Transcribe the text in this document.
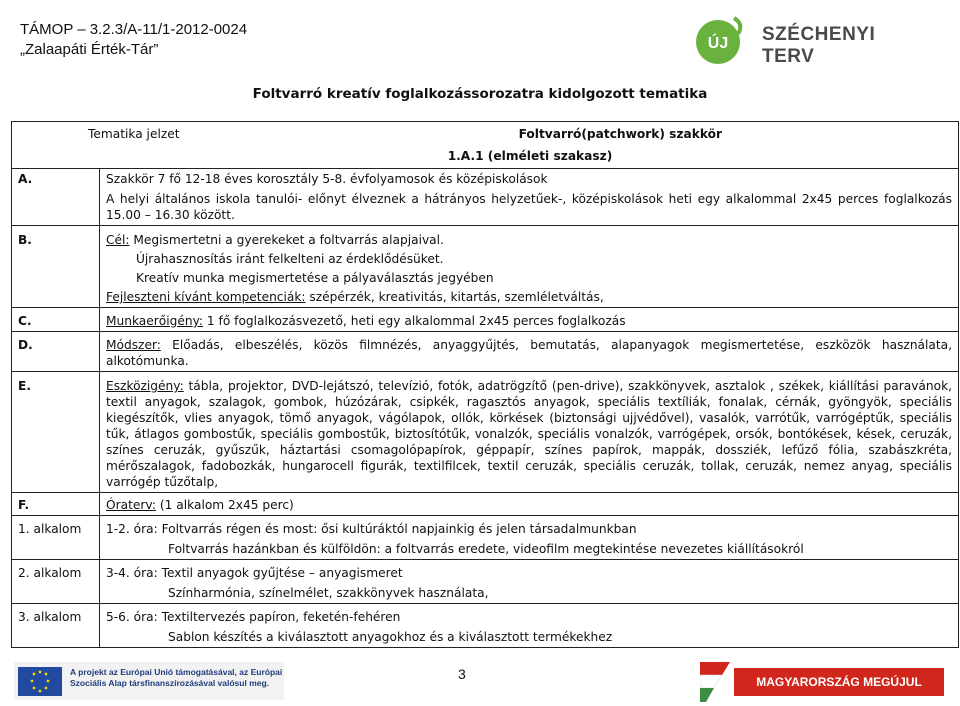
TÁMOP – 3.2.3/A-11/1-2012-0024
„Zalaapáti Érték-Tár”	ÚJ SZÉCHENYI TERV
Foltvarró kreatív foglalkozássorozatra kidolgozott tematika
Tematika jelzet Foltvarró(patchwork) szakkör
1.A.1 (elméleti szakasz)	

A.	Szakkör 7 fő 12-18 éves korosztály 5-8. évfolyamosok és középiskolások
A helyi általános iskola tanulói- előnyt élveznek a hátrányos helyzetűek-, középiskolások heti egy alkalommal 2x45 perces foglalkozás 15.00 – 16.30 között.

B.	Cél: Megismertetni a gyerekeket a foltvarrás alapjaival.
Újrahasznosítás iránt felkelteni az érdeklődésüket.
Kreatív munka megismertetése a pályaválasztás jegyében
Fejleszteni kívánt kompetenciák: szépérzék, kreativitás, kitartás, szemléletváltás,

C.	Munkaerőigény: 1 fő foglalkozásvezető, heti egy alkalommal 2x45 perces foglalkozás
D.	Módszer: Előadás, elbeszélés, közös filmnézés, anyaggyűjtés, bemutatás, alapanyagok megismertetése, eszközök használata, alkotómunka.
E.	Eszközigény: tábla, projektor, DVD-lejátszó, televízió, fotók, adatrögzítő (pen-drive), szakkönyvek, asztalok , székek, kiállítási paravánok, textil anyagok, szalagok, gombok, húzózárak, csipkék, ragasztós anyagok, speciális textíliák, fonalak, cérnák, gyöngyök, speciális kiegészítők, vlies anyagok, tömő anyagok, vágólapok, ollók, körkések (biztonsági ujjvédővel), vasalók, varrótűk, varrógéptűk, speciális tűk, átlagos gombostűk, speciális gombostűk, biztosítótűk, vonalzók, speciális vonalzók, varrógépek, orsók, bontókések, kések, ceruzák, színes ceruzák, gyűszűk, háztartási csomagolópapírok, géppapír, színes papírok, mappák, dossziék, lefűző fólia, szabászkréta, mérőszalagok, fadobozkák, hungarocell figurák, textilfilcek, textil ceruzák, speciális ceruzák, tollak, ceruzák, nemez anyag, speciális varrógép tűzőtalp,
F.	Óraterv: (1 alkalom 2x45 perc)
1. alkalom	1-2. óra: Foltvarrás régen és most: ősi kultúráktól napjainkig és jelen társadalmunkban
Foltvarrás hazánkban és külföldön: a foltvarrás eredete, videofilm megtekintése nevezetes kiállításokról

2. alkalom	3-4. óra: Textil anyagok gyűjtése – anyagismeret
Színharmónia, színelmélet, szakkönyvek használata,

3. alkalom	5-6. óra: Textiltervezés papíron, feketén-fehéren
Sablon készítés a kiválasztott anyagokhoz és a kiválasztott termékekhez
A projekt az Európai Unió támogatásával, az Európai
Szociális Alap társfinanszírozásával valósul meg.
3	MAGYARORSZÁG MEGÚJUL
